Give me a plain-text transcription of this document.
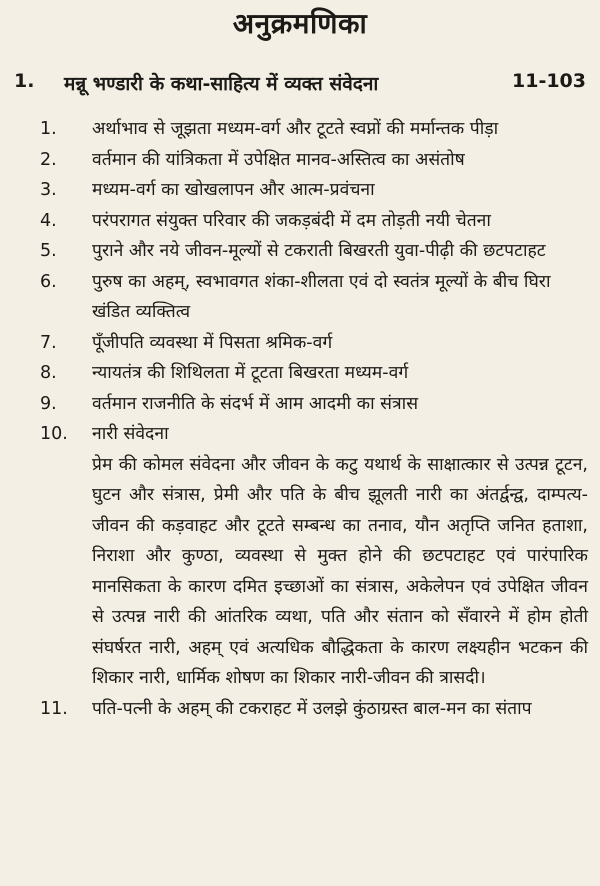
अनुक्रमणिका
1.	मन्नू भण्डारी के कथा-साहित्य में व्यक्त संवेदना	11-103
1.	अर्थाभाव से जूझता मध्यम-वर्ग और टूटते स्वप्नों की मर्मान्तक पीड़ा
2.	वर्तमान की यांत्रिकता में उपेक्षित मानव-अस्तित्व का असंतोष
3.	मध्यम-वर्ग का खोखलापन और आत्म-प्रवंचना
4.	परंपरागत संयुक्त परिवार की जकड़बंदी में दम तोड़ती नयी चेतना
5.	पुराने और नये जीवन-मूल्यों से टकराती बिखरती युवा-पीढ़ी की छटपटाहट
6.	पुरुष का अहम्, स्वभावगत शंका-शीलता एवं दो स्वतंत्र मूल्यों के बीच घिरा खंडित व्यक्तित्व
7.	पूँजीपति व्यवस्था में पिसता श्रमिक-वर्ग
8.	न्यायतंत्र की शिथिलता में टूटता बिखरता मध्यम-वर्ग
9.	वर्तमान राजनीति के संदर्भ में आम आदमी का संत्रास
10.	नारी संवेदना
प्रेम की कोमल संवेदना और जीवन के कटु यथार्थ के साक्षात्कार से उत्पन्न टूटन, घुटन और संत्रास, प्रेमी और पति के बीच झूलती नारी का अंतर्द्वन्द्व, दाम्पत्य-जीवन की कड़वाहट और टूटते सम्बन्ध का तनाव, यौन अतृप्ति जनित हताशा, निराशा और कुण्ठा, व्यवस्था से मुक्त होने की छटपटाहट एवं पारंपारिक मानसिकता के कारण दमित इच्छाओं का संत्रास, अकेलेपन एवं उपेक्षित जीवन से उत्पन्न नारी की आंतरिक व्यथा, पति और संतान को सँवारने में होम होती संघर्षरत नारी, अहम् एवं अत्यधिक बौद्धिकता के कारण लक्ष्यहीन भटकन की शिकार नारी, धार्मिक शोषण का शिकार नारी-जीवन की त्रासदी।
11.	पति-पत्नी के अहम् की टकराहट में उलझे कुंठाग्रस्त बाल-मन का संताप
